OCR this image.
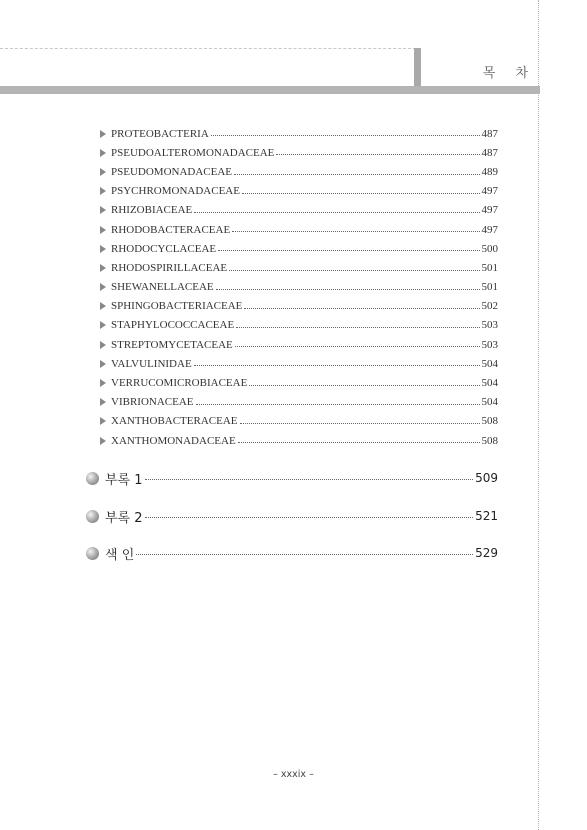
목 차
PROTEOBACTERIA	487
PSEUDOALTEROMONADACEAE	487
PSEUDOMONADACEAE	489
PSYCHROMONADACEAE	497
RHIZOBIACEAE	497
RHODOBACTERACEAE	497
RHODOCYCLACEAE	500
RHODOSPIRILLACEAE	501
SHEWANELLACEAE	501
SPHINGOBACTERIACEAE	502
STAPHYLOCOCCACEAE	503
STREPTOMYCETACEAE	503
VALVULINIDAE	504
VERRUCOMICROBIACEAE	504
VIBRIONACEAE	504
XANTHOBACTERACEAE	508
XANTHOMONADACEAE	508
부록 1	509
부록 2	521
색 인	529
– xxxix –
